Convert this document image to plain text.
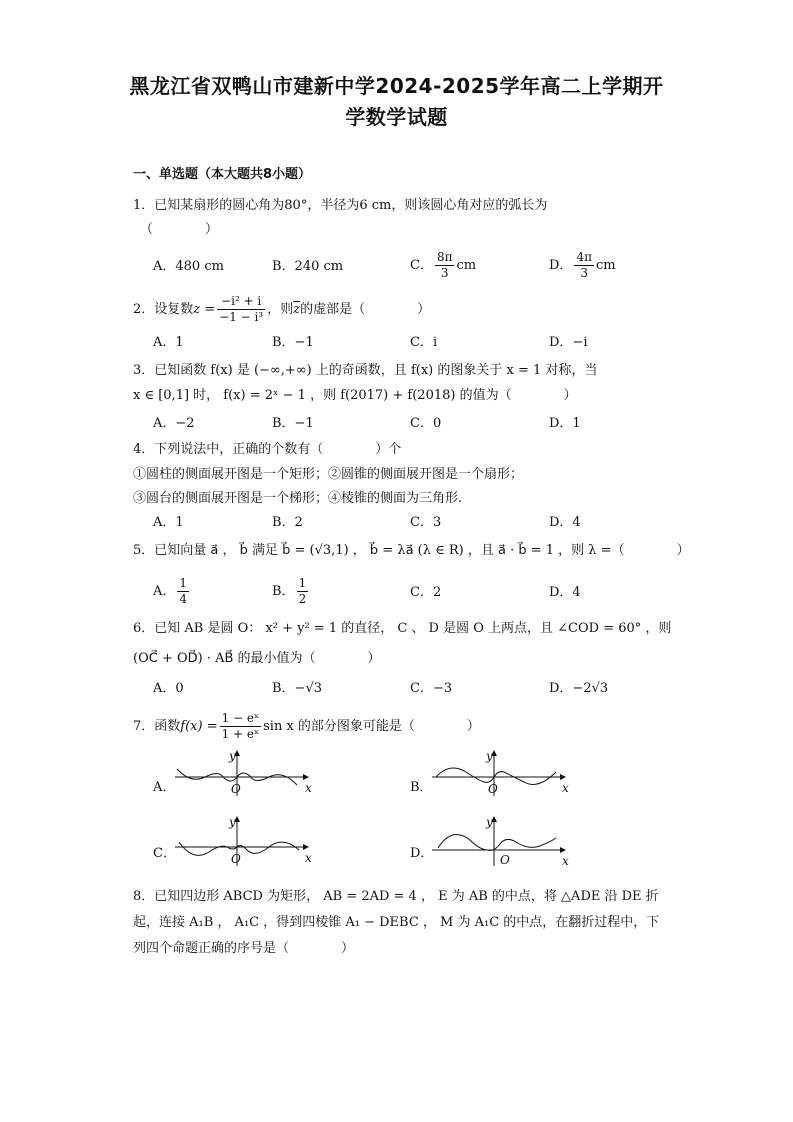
黑龙江省双鸭山市建新中学2024-2025学年高二上学期开
学数学试题
一、单选题（本大题共8小题）
1．已知某扇形的圆心角为80°，半径为6 cm，则该圆心角对应的弧长为
（　　　　）
A．480 cm	B．240 cm	C． $\frac{8\pi}{3}$ cm	D． $\frac{4\pi}{3}$ cm
2．设复数$z = \frac{\text{−i² + i}}{\text{−1 − i³}}$ ，则$\overline{z}$的虚部是（　　　　）
A．1	B．−1	C．i	D．−i
3．已知函数 f(x) 是 (−∞,+∞) 上的奇函数，且 f(x) 的图象关于 x = 1 对称，当
x ∈ [0,1] 时， f(x) = 2ˣ − 1 ，则 f(2017) + f(2018) 的值为（　　　　）
A．−2	B．−1	C．0	D．1
4．下列说法中，正确的个数有（　　　　）个
①圆柱的侧面展开图是一个矩形；②圆锥的侧面展开图是一个扇形；
③圆台的侧面展开图是一个梯形；④棱锥的侧面为三角形.
A．1	B．2	C．3	D．4
5．已知向量 a⃗ ， b⃗ 满足 b⃗ = (√3,1) ， b⃗ = λa⃗ (λ ∈ R) ，且 a⃗ · b⃗ = 1 ，则 λ =（　　　　）
A． $\frac{1}{4}$	B． $\frac{1}{2}$	C．2	D．4
6．已知 AB 是圆 O： x² + y² = 1 的直径， C 、 D 是圆 O 上两点，且 ∠COD = 60° ，则
(OC⃗ + OD⃗) · AB⃗ 的最小值为（　　　　）
A．0	B．−√3	C．−3	D．−2√3
7．函数$f(x) = \frac{\text{1 − eˣ}}{\text{1 + eˣ}}$ sin x 的部分图象可能是（　　　　）
A．	O	x
y
B．	O	x
y
C．	O	x
y
D．	O	x
y
8．已知四边形 ABCD 为矩形， AB = 2AD = 4 ， E 为 AB 的中点，将 △ADE 沿 DE 折
起，连接 A₁B ， A₁C ，得到四棱锥 A₁ − DEBC ， M 为 A₁C 的中点，在翻折过程中，下
列四个命题正确的序号是（　　　　）
